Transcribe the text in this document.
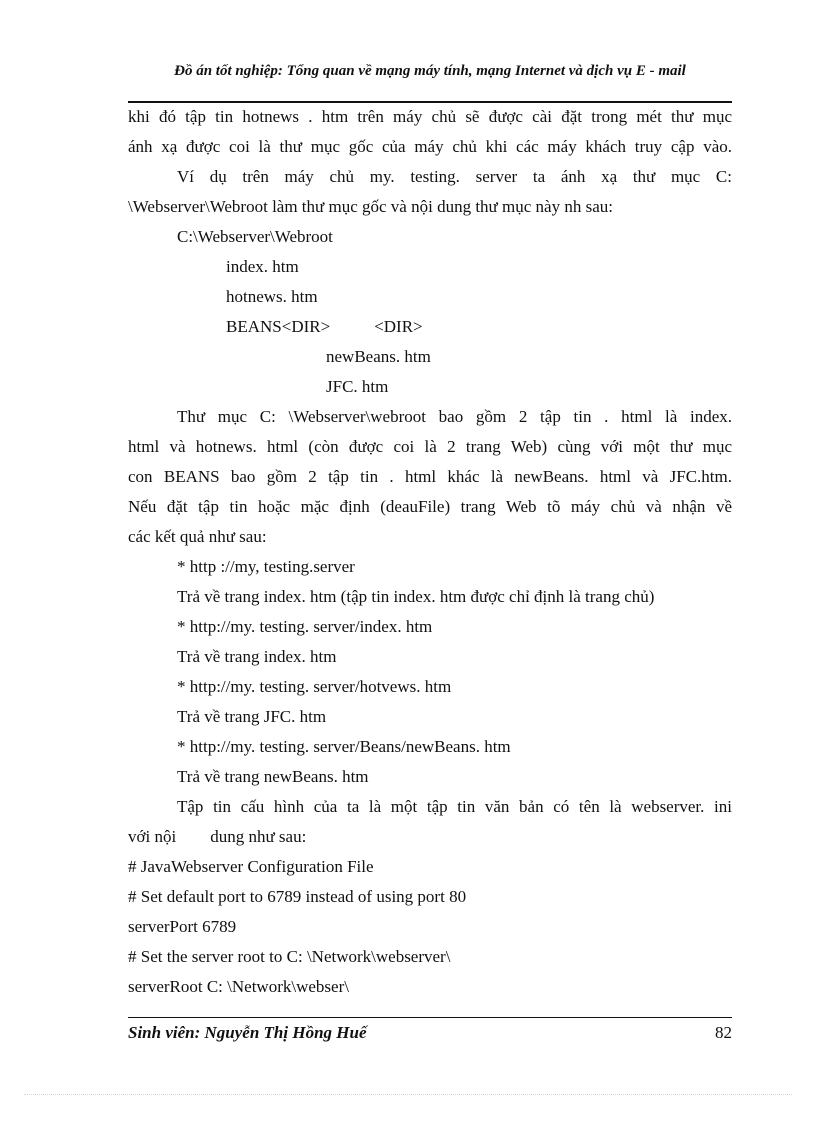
Đồ án tốt nghiệp: Tổng quan về mạng máy tính, mạng Internet và dịch vụ E - mail
khi đó tập tin hotnews . htm trên máy chủ sẽ được cài đặt trong mét thư mục
ánh xạ được coi là thư mục gốc của máy chủ khi các máy khách truy cập vào.
Ví dụ trên máy chủ my. testing. server ta ánh xạ thư mục C:
\Webserver\Webroot làm thư mục gốc và nội dung thư mục này nh sau:
C:\Webserver\Webroot
index. htm
hotnews. htm
BEANS<DIR>	<DIR>
newBeans. htm
JFC. htm
Thư mục C: \Webserver\webroot bao gồm 2 tập tin . html là index.
html và hotnews. html (còn được coi là 2 trang Web) cùng với một thư mục
con BEANS bao gồm 2 tập tin . html khác là newBeans. html và JFC.htm.
Nếu đặt tập tin hoặc mặc định (deauFile) trang Web tõ máy chủ và nhận về
các kết quả như sau:
* http ://my, testing.server
Trả về trang index. htm (tập tin index. htm được chỉ định là trang chủ)
* http://my. testing. server/index. htm
Trả về trang index. htm
* http://my. testing. server/hotvews. htm
Trả về trang JFC. htm
* http://my. testing. server/Beans/newBeans. htm
Trả về trang newBeans. htm
Tập tin cấu hình của ta là một tập tin văn bản có tên là webserver. ini
với nội dung như sau:
# JavaWebserver Configuration File
# Set default port to 6789 instead of using port 80
serverPort 6789
# Set the server root to C: \Network\webserver\
serverRoot C: \Network\webser\
Sinh viên: Nguyễn Thị Hồng Huế	82
